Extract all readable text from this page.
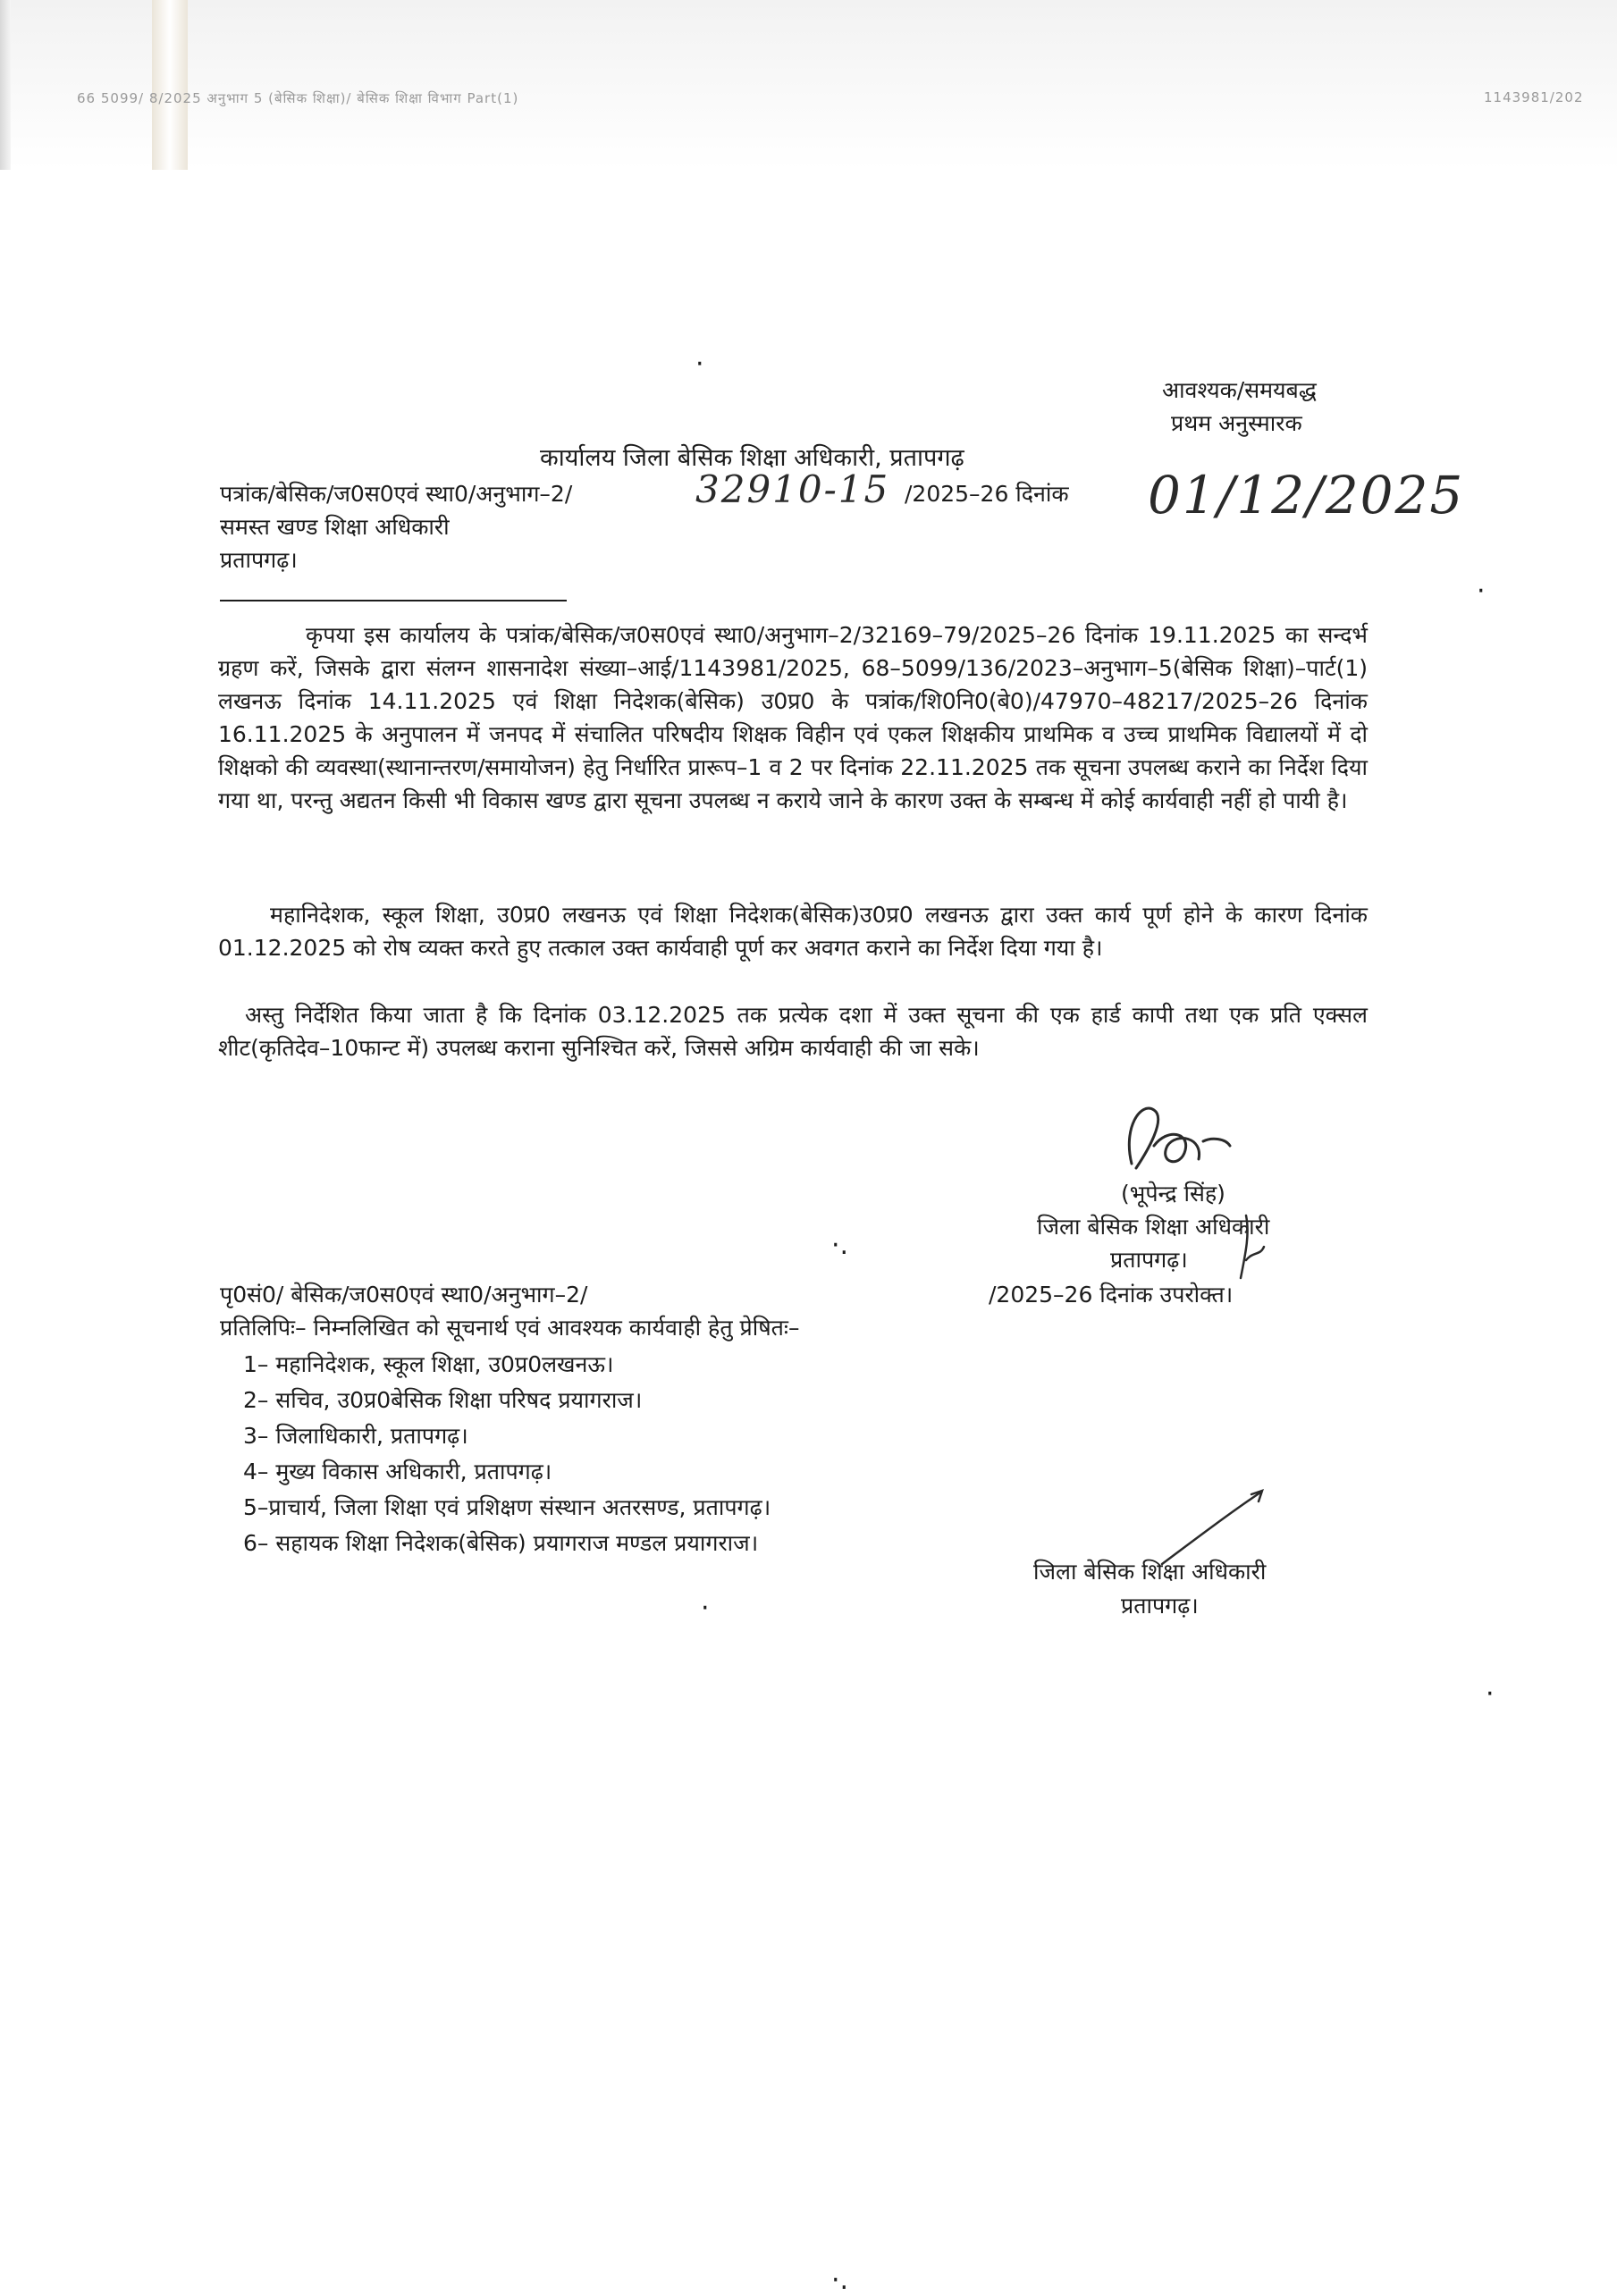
66 5099/ 8/2025 अनुभाग 5 (बेसिक शिक्षा)/ बेसिक शिक्षा विभाग Part(1)	1143981/202
·
·
·.
·
·
·.
आवश्यक/समयबद्ध
प्रथम अनुस्मारक
कार्यालय जिला बेसिक शिक्षा अधिकारी, प्रतापगढ़
पत्रांक/बेसिक/ज0स0एवं स्था0/अनुभाग–2/	32910-15 /2025–26 दिनांक 01/12/2025
समस्त खण्ड शिक्षा अधिकारी
प्रतापगढ़।
कृपया इस कार्यालय के पत्रांक/बेसिक/ज0स0एवं स्था0/अनुभाग–2/32169–79/2025–26 दिनांक 19.11.2025 का सन्दर्भ ग्रहण करें, जिसके द्वारा संलग्न शासनादेश संख्या–आई/1143981/2025, 68–5099/136/2023–अनुभाग–5(बेसिक शिक्षा)–पार्ट(1) लखनऊ दिनांक 14.11.2025 एवं शिक्षा निदेशक(बेसिक) उ0प्र0 के पत्रांक/शि0नि0(बे0)/47970–48217/2025–26 दिनांक 16.11.2025 के अनुपालन में जनपद में संचालित परिषदीय शिक्षक विहीन एवं एकल शिक्षकीय प्राथमिक व उच्च प्राथमिक विद्यालयों में दो शिक्षको की व्यवस्था(स्थानान्तरण/समायोजन) हेतु निर्धारित प्रारूप–1 व 2 पर दिनांक 22.11.2025 तक सूचना उपलब्ध कराने का निर्देश दिया गया था, परन्तु अद्यतन किसी भी विकास खण्ड द्वारा सूचना उपलब्ध न कराये जाने के कारण उक्त के सम्बन्ध में कोई कार्यवाही नहीं हो पायी है।
महानिदेशक, स्कूल शिक्षा, उ0प्र0 लखनऊ एवं शिक्षा निदेशक(बेसिक)उ0प्र0 लखनऊ द्वारा उक्त कार्य पूर्ण होने के कारण दिनांक 01.12.2025 को रोष व्यक्त करते हुए तत्काल उक्त कार्यवाही पूर्ण कर अवगत कराने का निर्देश दिया गया है।
अस्तु निर्देशित किया जाता है कि दिनांक 03.12.2025 तक प्रत्येक दशा में उक्त सूचना की एक हार्ड कापी तथा एक प्रति एक्सल शीट(कृतिदेव–10फान्ट में) उपलब्ध कराना सुनिश्चित करें, जिससे अग्रिम कार्यवाही की जा सके।
(भूपेन्द्र सिंह)
जिला बेसिक शिक्षा अधिकारी
प्रतापगढ़।
पृ0सं0/ बेसिक/ज0स0एवं स्था0/अनुभाग–2/	/2025–26 दिनांक उपरोक्त।
प्रतिलिपिः– निम्नलिखित को सूचनार्थ एवं आवश्यक कार्यवाही हेतु प्रेषितः–
1– महानिदेशक, स्कूल शिक्षा, उ0प्र0लखनऊ।
2– सचिव, उ0प्र0बेसिक शिक्षा परिषद प्रयागराज।
3– जिलाधिकारी, प्रतापगढ़।
4– मुख्य विकास अधिकारी, प्रतापगढ़।
5–प्राचार्य, जिला शिक्षा एवं प्रशिक्षण संस्थान अतरसण्ड, प्रतापगढ़।
6– सहायक शिक्षा निदेशक(बेसिक) प्रयागराज मण्डल प्रयागराज।
जिला बेसिक शिक्षा अधिकारी
प्रतापगढ़।
